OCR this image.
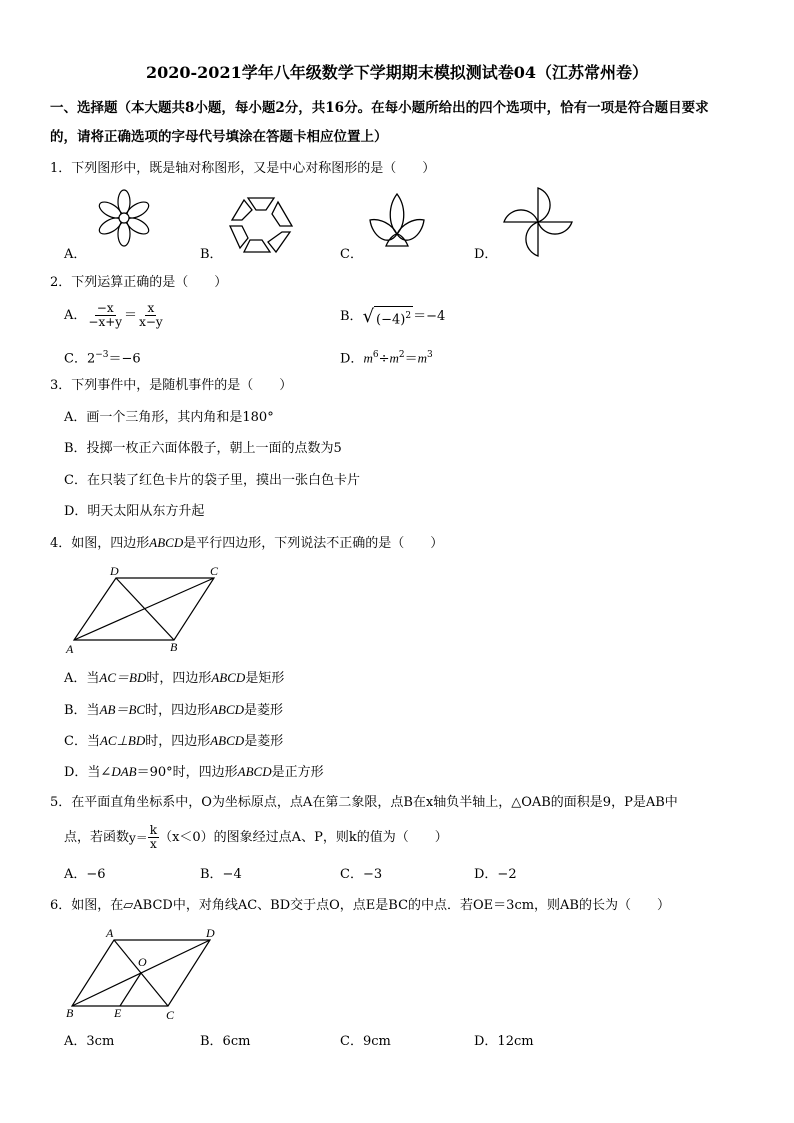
2020-2021学年八年级数学下学期期末模拟测试卷04（江苏常州卷）
一、选择题（本大题共8小题，每小题2分，共16分。在每小题所给出的四个选项中，恰有一项是符合题目要求
的，请将正确选项的字母代号填涂在答题卡相应位置上）
1．下列图形中，既是轴对称图形，又是中心对称图形的是（　　）
A．	B．	C．	D．
2．下列运算正确的是（　　）
A． $\frac{-x}{-x+y} = \frac{x}{x-y}$	B． √ $(-4)^2 =-4$
C．$2^{-3}=-6$	D．$m^6\div m^2=m^3$
3．下列事件中，是随机事件的是（　　）
A．画一个三角形，其内角和是180°
B．投掷一枚正六面体骰子，朝上一面的点数为5
C．在只装了红色卡片的袋子里，摸出一张白色卡片
D．明天太阳从东方升起
4．如图，四边形ABCD是平行四边形，下列说法不正确的是（　　）
D	C
A	B
A．当AC＝BD时，四边形ABCD是矩形
B．当AB＝BC时，四边形ABCD是菱形
C．当AC⊥BD时，四边形ABCD是菱形
D．当∠DAB＝90°时，四边形ABCD是正方形
5．在平面直角坐标系中，O为坐标原点，点A在第二象限，点B在x轴负半轴上，△OAB的面积是9，P是AB中
点，若函数 $y= \frac{k}{x} (x<0)$的图象经过点A、P，则k的值为（　　）
A．−6	B．−4	C．−3	D．−2
6．如图，在▱ABCD中，对角线AC、BD交于点O，点E是BC的中点．若OE＝3cm，则AB的长为（　　）
A	D
O
B	E	C
A．3cm	B．6cm	C．9cm	D．12cm
